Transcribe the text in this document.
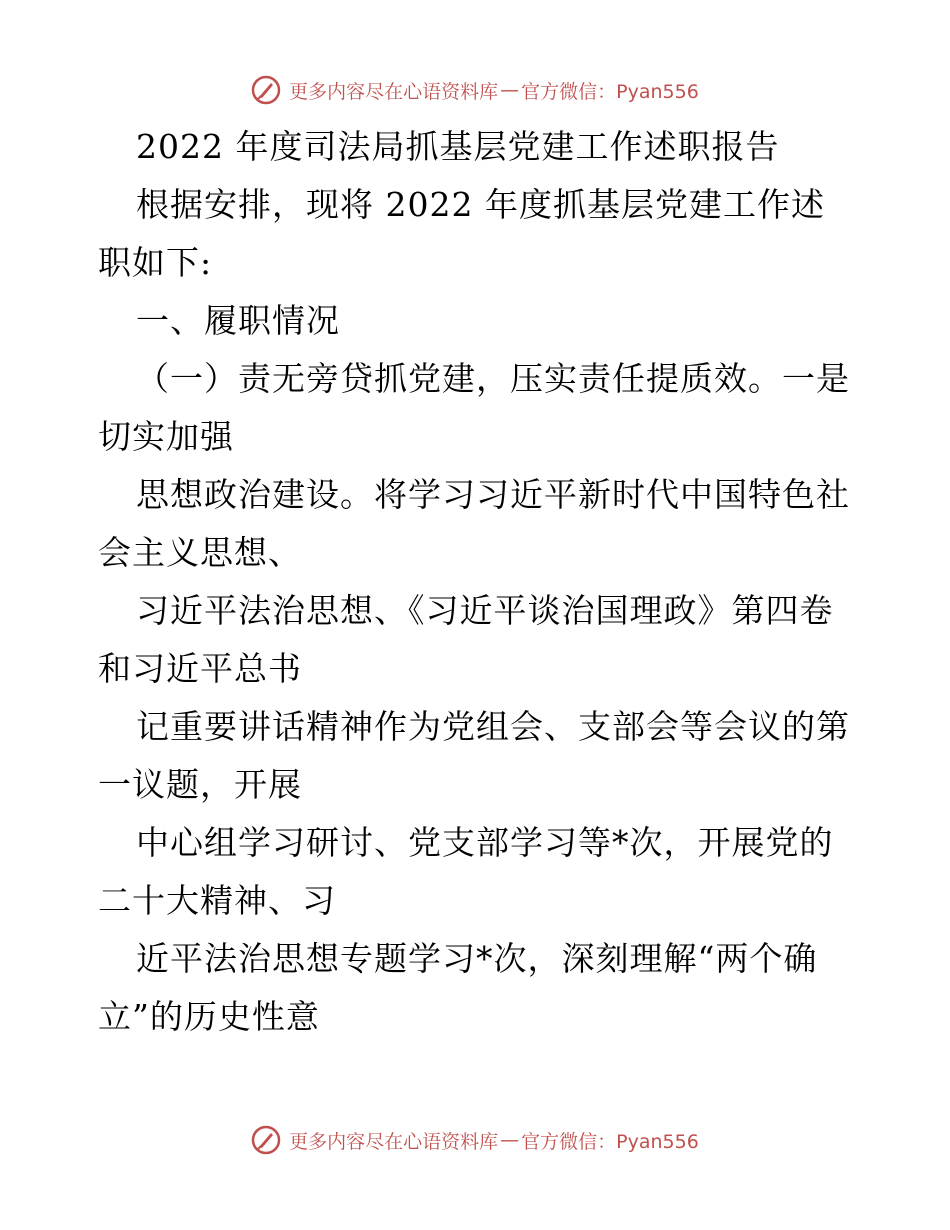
更多内容尽在心语资料库 — 官方微信：Pyan556

2022 年度司法局抓基层党建工作述职报告

根据安排，现将 2022 年度抓基层党建工作述职如下:

一、履职情况

（一）责无旁贷抓党建，压实责任提质效。一是切实加强

思想政治建设。将学习习近平新时代中国特色社会主义思想、

习近平法治思想、《习近平谈治国理政》第四卷和习近平总书

记重要讲话精神作为党组会、支部会等会议的第一议题，开展

中心组学习研讨、党支部学习等*次，开展党的二十大精神、习

近平法治思想专题学习*次，深刻理解“两个确立”的历史性意

更多内容尽在心语资料库 — 官方微信：Pyan556
